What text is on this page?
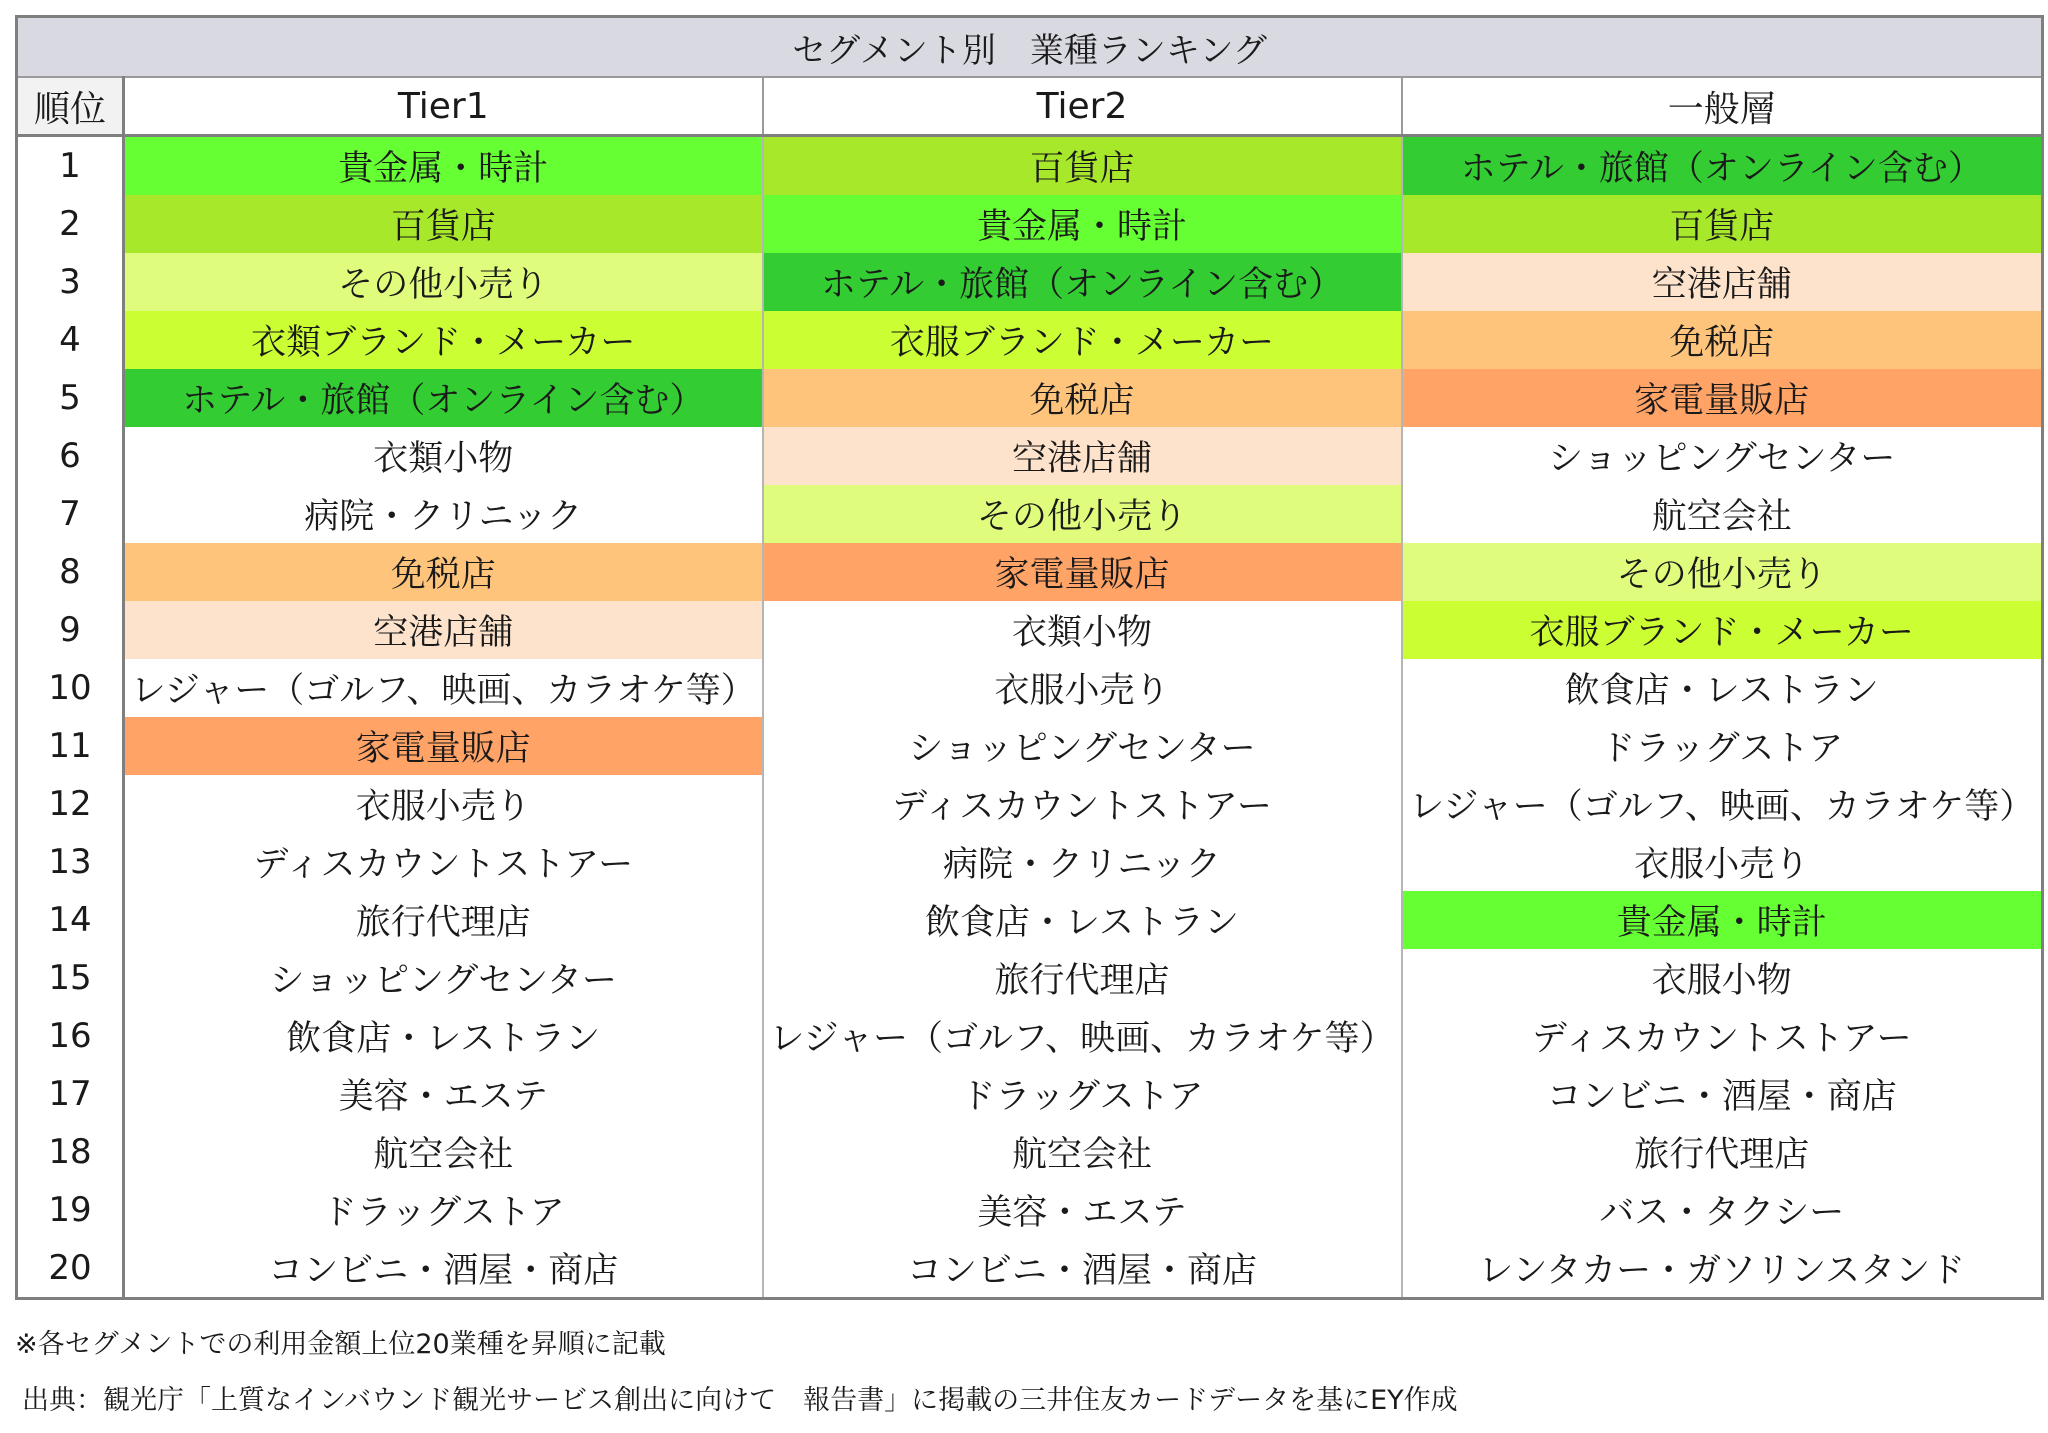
セグメント別　業種ランキング			
順位	Tier1	Tier2	一般層
1	貴金属・時計	百貨店	ホテル・旅館（オンライン含む）
2	百貨店	貴金属・時計	百貨店
3	その他小売り	ホテル・旅館（オンライン含む）	空港店舗
4	衣類ブランド・メーカー	衣服ブランド・メーカー	免税店
5	ホテル・旅館（オンライン含む）	免税店	家電量販店
6	衣類小物	空港店舗	ショッピングセンター
7	病院・クリニック	その他小売り	航空会社
8	免税店	家電量販店	その他小売り
9	空港店舗	衣類小物	衣服ブランド・メーカー
10	レジャー（ゴルフ、映画、カラオケ等）	衣服小売り	飲食店・レストラン
11	家電量販店	ショッピングセンター	ドラッグストア
12	衣服小売り	ディスカウントストアー	レジャー（ゴルフ、映画、カラオケ等）
13	ディスカウントストアー	病院・クリニック	衣服小売り
14	旅行代理店	飲食店・レストラン	貴金属・時計
15	ショッピングセンター	旅行代理店	衣服小物
16	飲食店・レストラン	レジャー（ゴルフ、映画、カラオケ等）	ディスカウントストアー
17	美容・エステ	ドラッグストア	コンビニ・酒屋・商店
18	航空会社	航空会社	旅行代理店
19	ドラッグストア	美容・エステ	バス・タクシー
20	コンビニ・酒屋・商店	コンビニ・酒屋・商店	レンタカー・ガソリンスタンド
※各セグメントでの利用金額上位20業種を昇順に記載
出典：観光庁「上質なインバウンド観光サービス創出に向けて　報告書」に掲載の三井住友カードデータを基にEY作成
